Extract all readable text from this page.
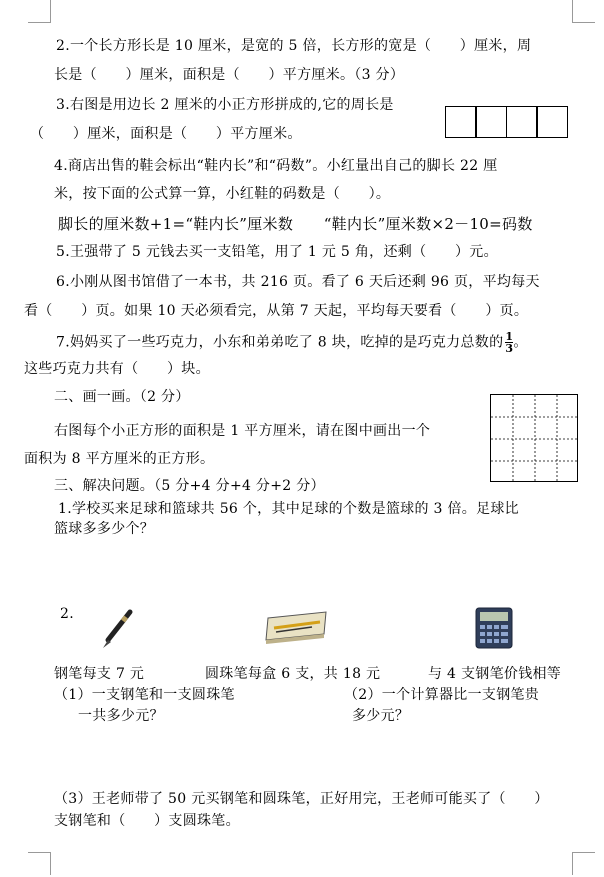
2.一个长方形长是 10 厘米，是宽的 5 倍，长方形的宽是（　　）厘米，周
长是（　　）厘米，面积是（　　）平方厘米。（3 分）
3.右图是用边长 2 厘米的小正方形拼成的,它的周长是
（　　）厘米，面积是（　　）平方厘米。
4.商店出售的鞋会标出“鞋内长”和“码数”。小红量出自己的脚长 22 厘
米，按下面的公式算一算，小红鞋的码数是（　　）。
脚长的厘米数+1=“鞋内长”厘米数　　“鞋内长”厘米数×2－10=码数
5.王强带了 5 元钱去买一支铅笔，用了 1 元 5 角，还剩（　　）元。
6.小刚从图书馆借了一本书，共 216 页。看了 6 天后还剩 96 页，平均每天
看（　　）页。如果 10 天必须看完，从第 7 天起，平均每天要看（　　）页。
7.妈妈买了一些巧克力，小东和弟弟吃了 8 块，吃掉的是巧克力总数的 $\frac{1}{3}$ 。
这些巧克力共有（　　）块。
二、画一画。（2 分）
右图每个小正方形的面积是 1 平方厘米，请在图中画出一个
面积为 8 平方厘米的正方形。
三、解决问题。（5 分+4 分+4 分+2 分）
1.学校买来足球和篮球共 56 个，其中足球的个数是篮球的 3 倍。足球比
篮球多多少个？
2.
钢笔每支 7 元	圆珠笔每盒 6 支，共 18 元	与 4 支钢笔价钱相等
（1）一支钢笔和一支圆珠笔
一共多少元？
（2）一个计算器比一支钢笔贵
多少元？
（3）王老师带了 50 元买钢笔和圆珠笔，正好用完，王老师可能买了（　　）
支钢笔和（　　）支圆珠笔。
